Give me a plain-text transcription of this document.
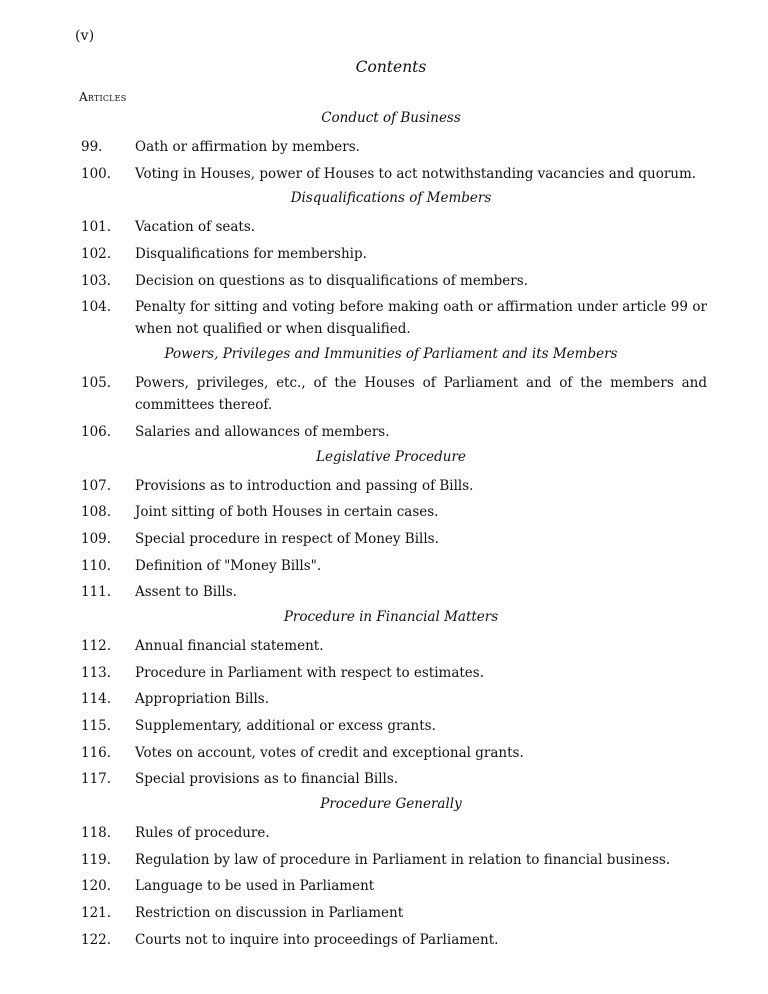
(v)
Contents
Articles
Conduct of Business
99.	Oath or affirmation by members.
100.	Voting in Houses, power of Houses to act notwithstanding vacancies and quorum.
Disqualifications of Members
101.	Vacation of seats.
102.	Disqualifications for membership.
103.	Decision on questions as to disqualifications of members.
104.	Penalty for sitting and voting before making oath or affirmation under article 99 or when not qualified or when disqualified.
Powers, Privileges and Immunities of Parliament and its Members
105.	Powers, privileges, etc., of the Houses of Parliament and of the members and committees thereof.
106.	Salaries and allowances of members.
Legislative Procedure
107.	Provisions as to introduction and passing of Bills.
108.	Joint sitting of both Houses in certain cases.
109.	Special procedure in respect of Money Bills.
110.	Definition of "Money Bills".
111.	Assent to Bills.
Procedure in Financial Matters
112.	Annual financial statement.
113.	Procedure in Parliament with respect to estimates.
114.	Appropriation Bills.
115.	Supplementary, additional or excess grants.
116.	Votes on account, votes of credit and exceptional grants.
117.	Special provisions as to financial Bills.
Procedure Generally
118.	Rules of procedure.
119.	Regulation by law of procedure in Parliament in relation to financial business.
120.	Language to be used in Parliament
121.	Restriction on discussion in Parliament
122.	Courts not to inquire into proceedings of Parliament.
